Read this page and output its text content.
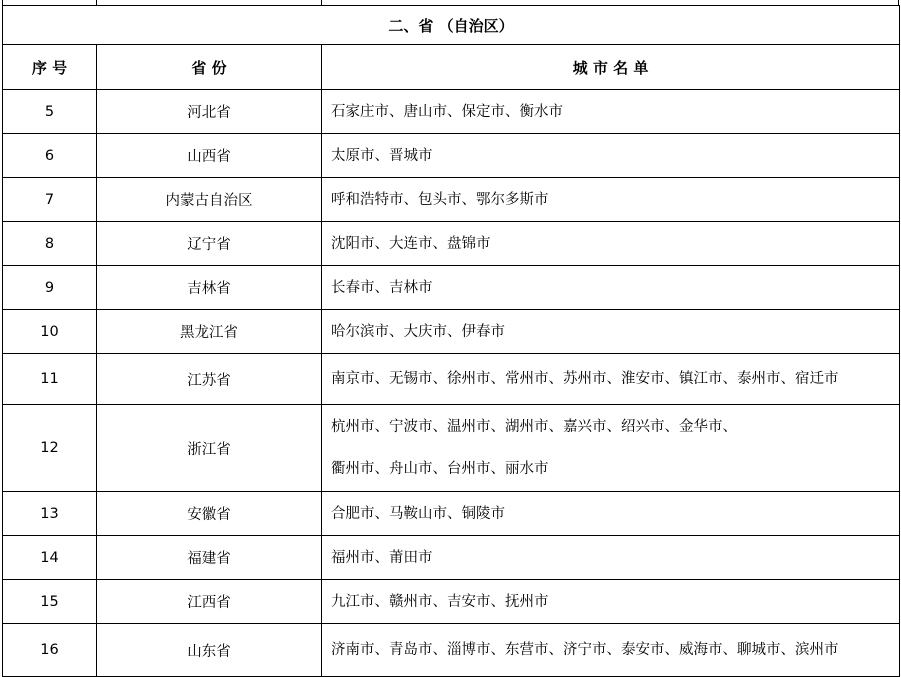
二、省 （自治区）		
序 号	省 份	城 市 名 单
5	河北省	石家庄市、唐山市、保定市、衡水市

6	山西省	太原市、晋城市

7	内蒙古自治区	呼和浩特市、包头市、鄂尔多斯市

8	辽宁省	沈阳市、大连市、盘锦市

9	吉林省	长春市、吉林市

10	黑龙江省	哈尔滨市、大庆市、伊春市

11	江苏省	南京市、无锡市、徐州市、常州市、苏州市、淮安市、镇江市、泰州市、宿迁市

12	浙江省	杭州市、宁波市、温州市、湖州市、嘉兴市、绍兴市、金华市、
衢州市、舟山市、台州市、丽水市

13	安徽省	合肥市、马鞍山市、铜陵市

14	福建省	福州市、莆田市

15	江西省	九江市、赣州市、吉安市、抚州市

16	山东省	济南市、青岛市、淄博市、东营市、济宁市、泰安市、威海市、聊城市、滨州市
